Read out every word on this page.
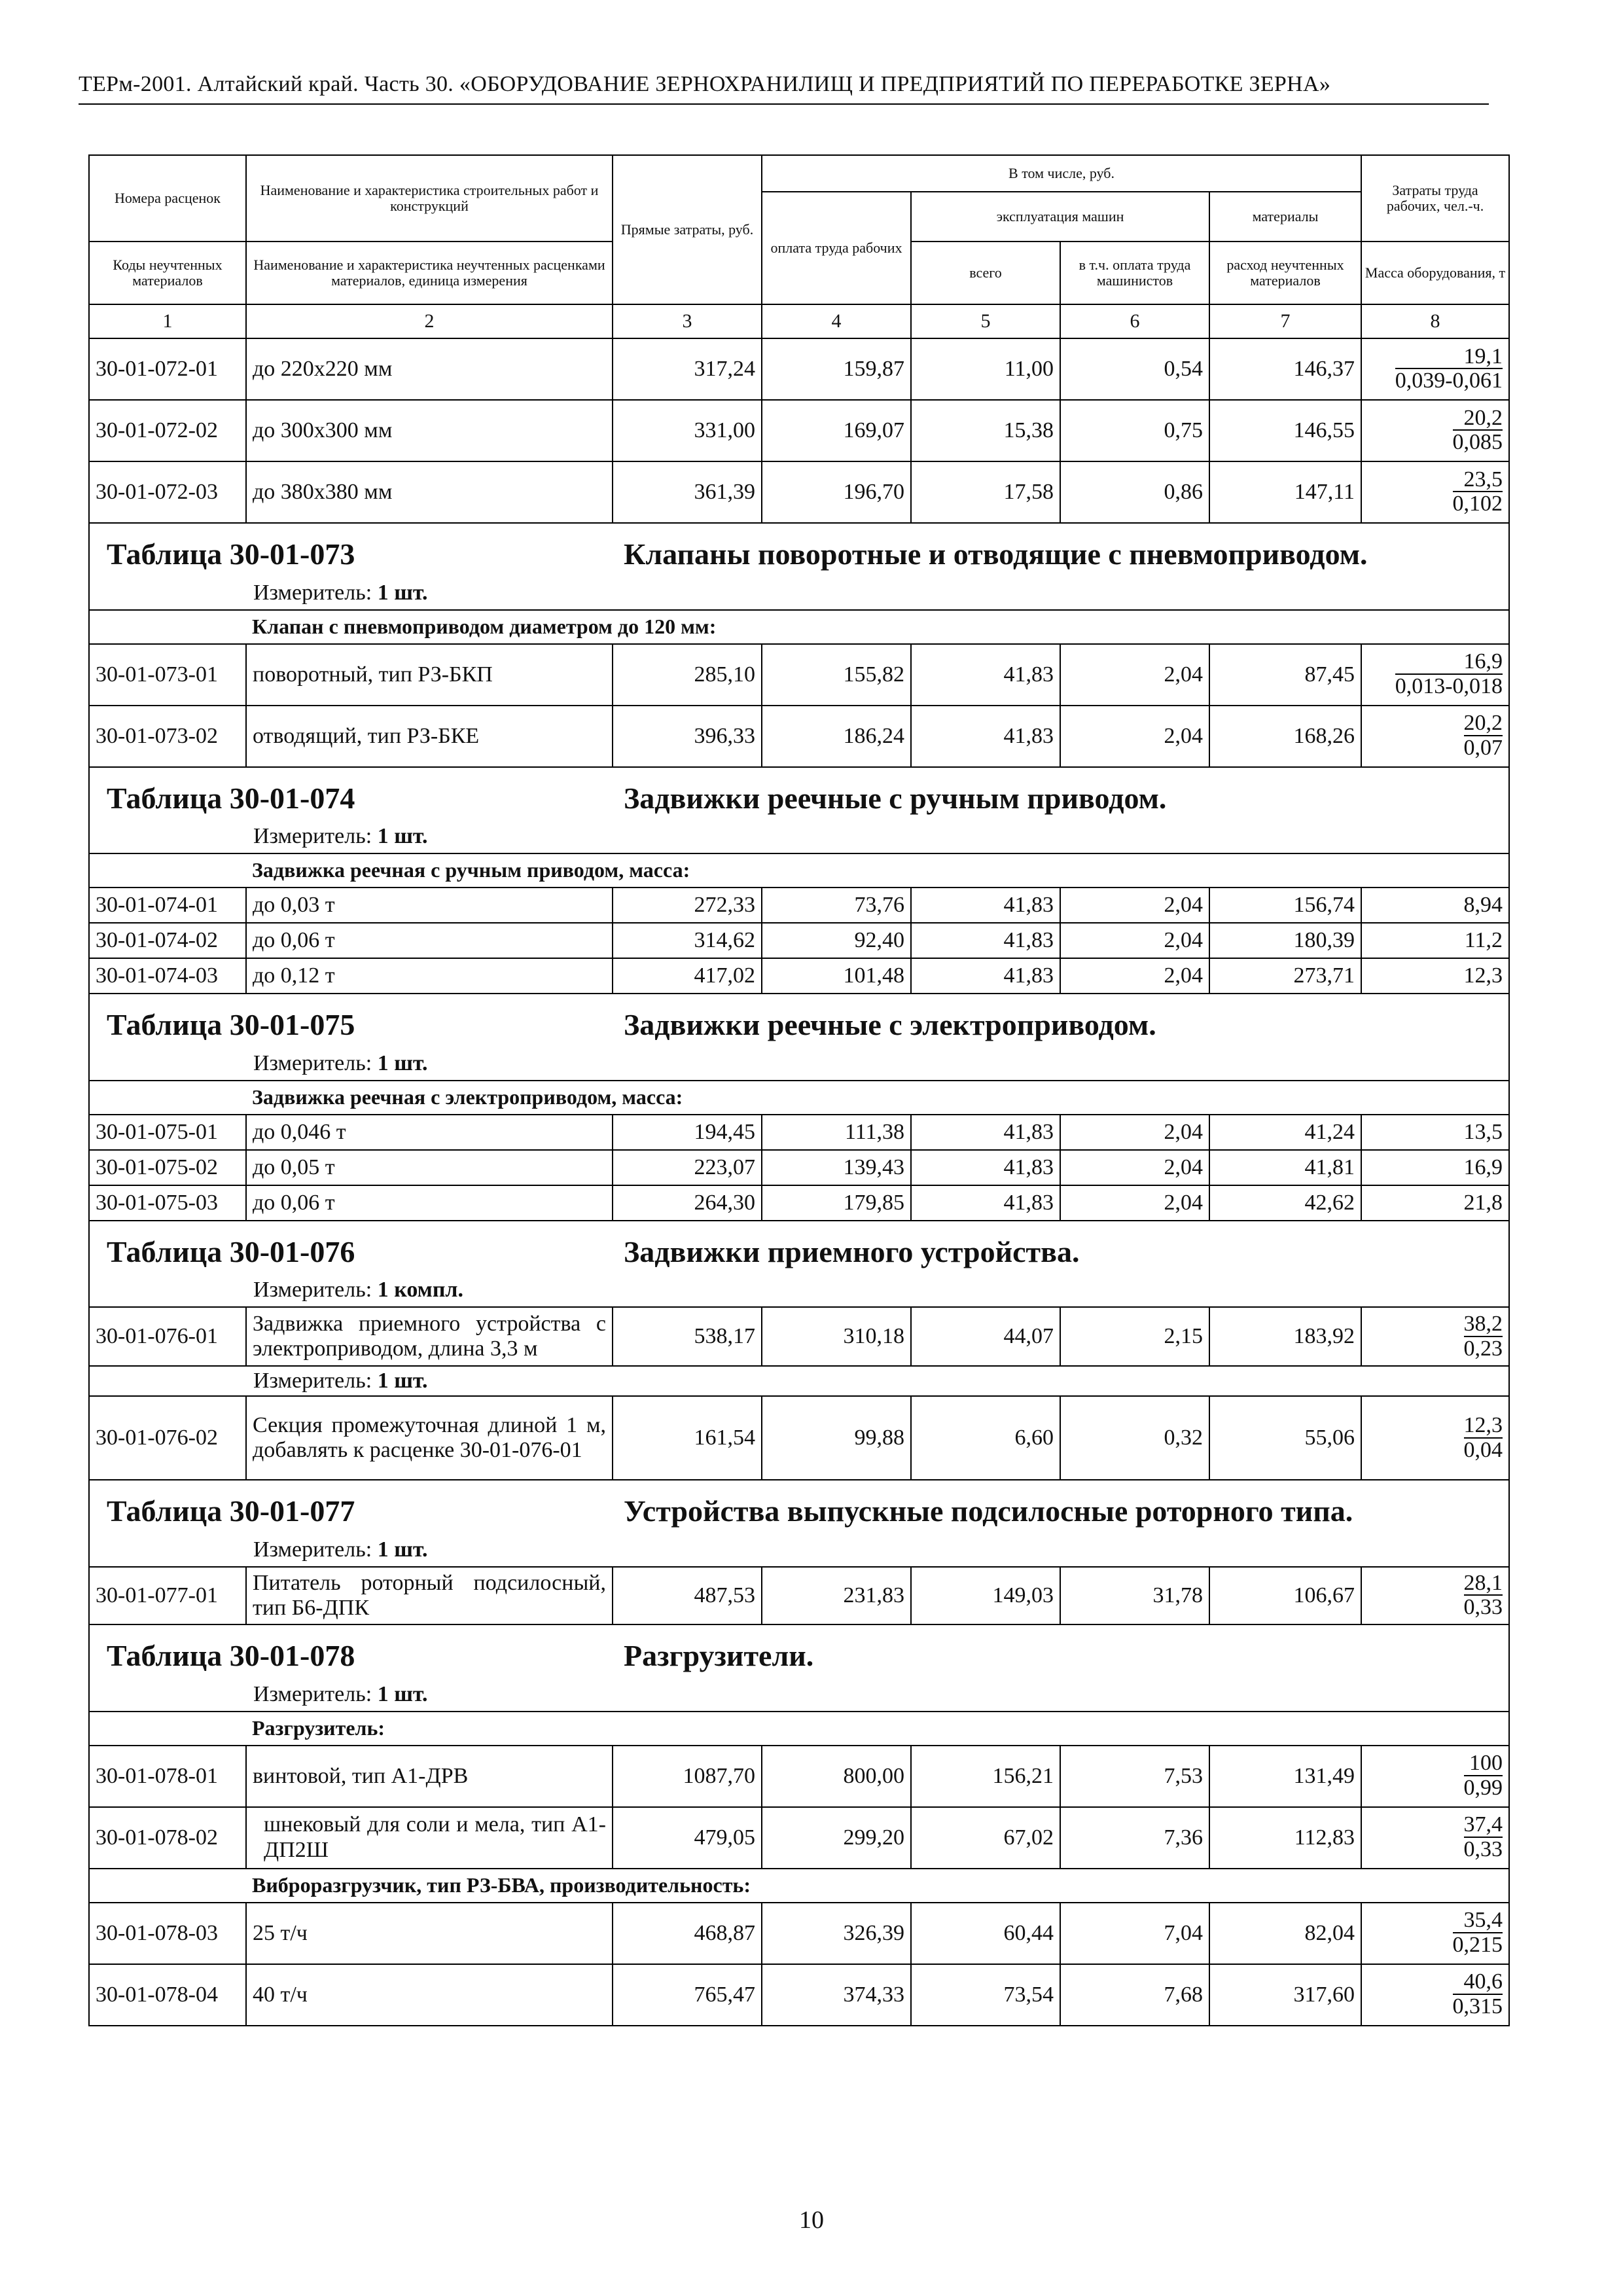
ТЕРм-2001. Алтайский край. Часть 30. «ОБОРУДОВАНИЕ ЗЕРНОХРАНИЛИЩ И ПРЕДПРИЯТИЙ ПО ПЕРЕРАБОТКЕ ЗЕРНА»
Номера расценок	Наименование и характеристика строительных работ и конструкций	Прямые затраты, руб.	В том числе, руб.				Затраты труда рабочих, чел.-ч.
			оплата труда рабочих	эксплуатация машин		материалы	
Коды неучтенных материалов	Наименование и характеристика неучтенных расценками материалов, единица измерения			всего	в т.ч. оплата труда машинистов	расход неучтенных материалов	Масса оборудования, т
1	2	3	4	5	6	7	8
30-01-072-01	до 220х220 мм	317,24	159,87	11,00	0,54	146,37	$\frac{19,1}{0,039-0,061}$
30-01-072-02	до 300х300 мм	331,00	169,07	15,38	0,75	146,55	$\frac{20,2}{0,085}$
30-01-072-03	до 380х380 мм	361,39	196,70	17,58	0,86	147,11	$\frac{23,5}{0,102}$

Таблица 30-01-073 Клапаны поворотные и отводящие с пневмоприводом.
Измеритель: 1 шт.							

	Клапан с пневмоприводом диаметром до 120 мм:						
30-01-073-01	поворотный, тип РЗ-БКП	285,10	155,82	41,83	2,04	87,45	$\frac{16,9}{0,013-0,018}$
30-01-073-02	отводящий, тип РЗ-БКЕ	396,33	186,24	41,83	2,04	168,26	$\frac{20,2}{0,07}$

Таблица 30-01-074 Задвижки реечные с ручным приводом.
Измеритель: 1 шт.							

	Задвижка реечная с ручным приводом, масса:						
30-01-074-01	до 0,03 т	272,33	73,76	41,83	2,04	156,74	8,94
30-01-074-02	до 0,06 т	314,62	92,40	41,83	2,04	180,39	11,2
30-01-074-03	до 0,12 т	417,02	101,48	41,83	2,04	273,71	12,3

Таблица 30-01-075 Задвижки реечные с электроприводом.
Измеритель: 1 шт.							

	Задвижка реечная с электроприводом, масса:						
30-01-075-01	до 0,046 т	194,45	111,38	41,83	2,04	41,24	13,5
30-01-075-02	до 0,05 т	223,07	139,43	41,83	2,04	41,81	16,9
30-01-075-03	до 0,06 т	264,30	179,85	41,83	2,04	42,62	21,8

Таблица 30-01-076 Задвижки приемного устройства.
Измеритель: 1 компл.							

30-01-076-01	Задвижка приемного устройства с электроприводом, длина 3,3 м	538,17	310,18	44,07	2,15	183,92	$\frac{38,2}{0,23}$
Измеритель: 1 шт.							
30-01-076-02	Секция промежуточная длиной 1 м, добавлять к расценке 30-01-076-01	161,54	99,88	6,60	0,32	55,06	$\frac{12,3}{0,04}$

Таблица 30-01-077 Устройства выпускные подсилосные роторного типа.
Измеритель: 1 шт.							

30-01-077-01	Питатель роторный подсилосный, тип Б6-ДПК	487,53	231,83	149,03	31,78	106,67	$\frac{28,1}{0,33}$

Таблица 30-01-078 Разгрузители.
Измеритель: 1 шт.							

	Разгрузитель:						
30-01-078-01	винтовой, тип А1-ДРВ	1087,70	800,00	156,21	7,53	131,49	$\frac{100}{0,99}$
30-01-078-02	шнековый для соли и мела, тип А1-ДП2Ш	479,05	299,20	67,02	7,36	112,83	$\frac{37,4}{0,33}$
	Виброразгрузчик, тип РЗ-БВА, производительность:						
30-01-078-03	25 т/ч	468,87	326,39	60,44	7,04	82,04	$\frac{35,4}{0,215}$
30-01-078-04	40 т/ч	765,47	374,33	73,54	7,68	317,60	$\frac{40,6}{0,315}$
10
